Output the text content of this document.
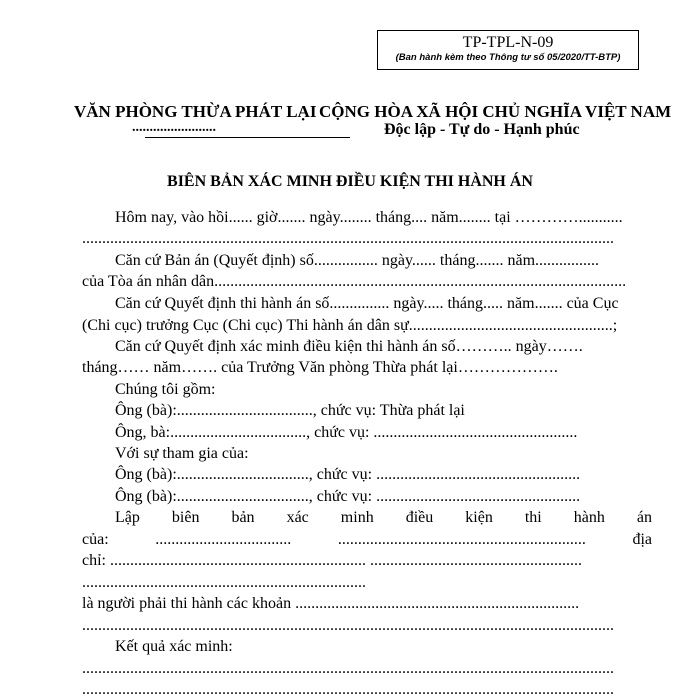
TP-TPL-N-09
(Ban hành kèm theo Thông tư số 05/2020/TT-BTP)
VĂN PHÒNG THỪA PHÁT LẠI
........................
CỘNG HÒA XÃ HỘI CHỦ NGHĨA VIỆT NAM
Độc lập - Tự do - Hạnh phúc
BIÊN BẢN XÁC MINH ĐIỀU KIỆN THI HÀNH ÁN
Hôm nay, vào hồi...... giờ....... ngày........ tháng.... năm........ tại …………...........
.....................................................................................................................................
Căn cứ Bản án (Quyết định) số................ ngày...... tháng....... năm................
của Tòa án nhân dân.......................................................................................................
Căn cứ Quyết định thi hành án số............... ngày..... tháng..... năm....... của Cục
(Chi cục) trưởng Cục (Chi cục) Thi hành án dân sự...................................................;
Căn cứ Quyết định xác minh điều kiện thi hành án số……….. ngày…….
tháng…… năm……. của Trưởng Văn phòng Thừa phát lại……………….
Chúng tôi gồm:
Ông (bà):.................................., chức vụ: Thừa phát lại
Ông, bà:.................................., chức vụ: ...................................................
Với sự tham gia của:
Ông (bà):................................., chức vụ: ...................................................
Ông (bà):................................., chức vụ: ...................................................
Lập biên bản xác minh điều kiện thi hành án
của:	..................................	..............................................................	địa
chỉ: ................................................................ .....................................................
.......................................................................
là người phải thi hành các khoản .......................................................................
.....................................................................................................................................
Kết quả xác minh:
.....................................................................................................................................
.....................................................................................................................................
